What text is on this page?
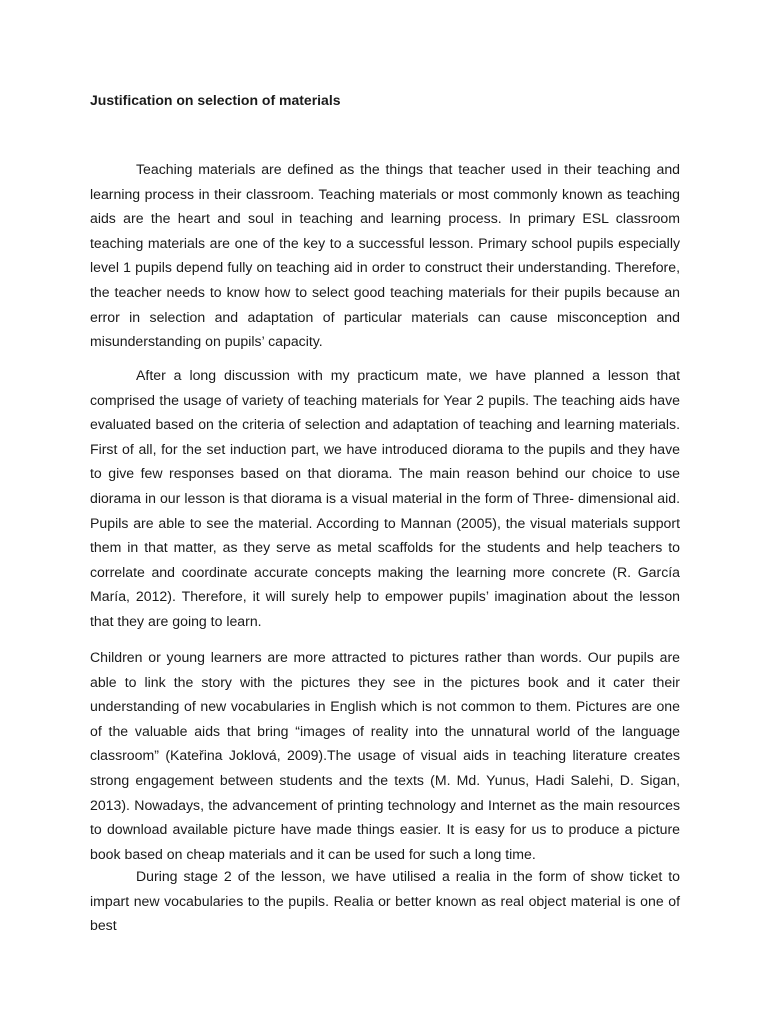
Justification on selection of materials

Teaching materials are defined as the things that teacher used in their teaching and learning process in their classroom. Teaching materials or most commonly known as teaching aids are the heart and soul in teaching and learning process. In primary ESL classroom teaching materials are one of the key to a successful lesson. Primary school pupils especially level 1 pupils depend fully on teaching aid in order to construct their understanding. Therefore, the teacher needs to know how to select good teaching materials for their pupils because an error in selection and adaptation of particular materials can cause misconception and misunderstanding on pupils’ capacity.

After a long discussion with my practicum mate, we have planned a lesson that comprised the usage of variety of teaching materials for Year 2 pupils. The teaching aids have evaluated based on the criteria of selection and adaptation of teaching and learning materials. First of all, for the set induction part, we have introduced diorama to the pupils and they have to give few responses based on that diorama. The main reason behind our choice to use diorama in our lesson is that diorama is a visual material in the form of Three- dimensional aid. Pupils are able to see the material. According to Mannan (2005), the visual materials support them in that matter, as they serve as metal scaffolds for the students and help teachers to correlate and coordinate accurate concepts making the learning more concrete (R. García María, 2012). Therefore, it will surely help to empower pupils’ imagination about the lesson that they are going to learn.

Children or young learners are more attracted to pictures rather than words. Our pupils are able to link the story with the pictures they see in the pictures book and it cater their understanding of new vocabularies in English which is not common to them. Pictures are one of the valuable aids that bring “images of reality into the unnatural world of the language classroom” (Kateřina Joklová, 2009).The usage of visual aids in teaching literature creates strong engagement between students and the texts (M. Md. Yunus, Hadi Salehi, D. Sigan, 2013). Nowadays, the advancement of printing technology and Internet as the main resources to download available picture have made things easier. It is easy for us to produce a picture book based on cheap materials and it can be used for such a long time.

During stage 2 of the lesson, we have utilised a realia in the form of show ticket to impart new vocabularies to the pupils. Realia or better known as real object material is one of best
